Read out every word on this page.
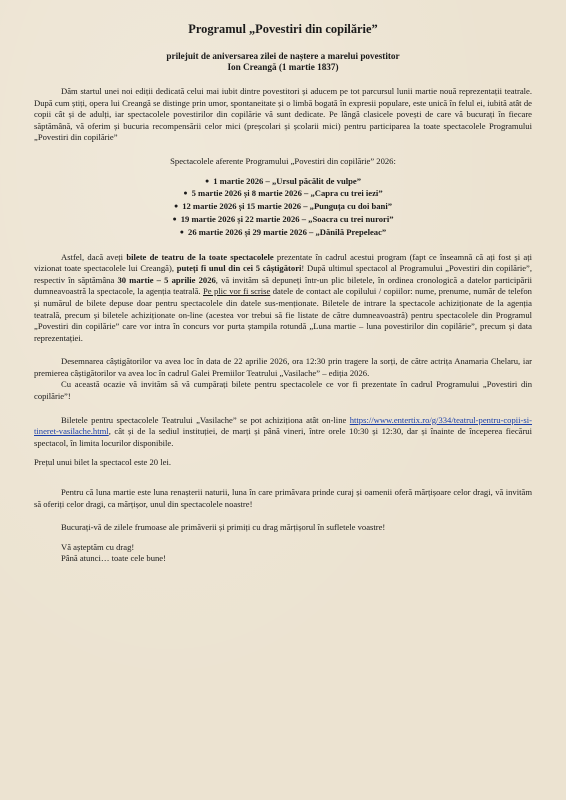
Programul „Povestiri din copilărie”
prilejuit de aniversarea zilei de naștere a marelui povestitor
Ion Creangă (1 martie 1837)

Dăm startul unei noi ediții dedicată celui mai iubit dintre povestitori și aducem pe tot parcursul lunii martie nouă reprezentații teatrale. După cum știți, opera lui Creangă se distinge prin umor, spontaneitate și o limbă bogată în expresii populare, este unică în felul ei, iubită atât de copii cât și de adulți, iar spectacolele povestirilor din copilărie vă sunt dedicate. Pe lângă clasicele povești de care vă bucurați în fiecare săptămână, vă oferim și bucuria recompensării celor mici (preșcolari și școlarii mici) pentru participarea la toate spectacolele Programului „Povestiri din copilărie”

Spectacolele aferente Programului „Povestiri din copilărie” 2026:

● 1 martie 2026 – „Ursul păcălit de vulpe”
● 5 martie 2026 și 8 martie 2026 – „Capra cu trei iezi”
● 12 martie 2026 și 15 martie 2026 – „Punguța cu doi bani”
● 19 martie 2026 și 22 martie 2026 – „Soacra cu trei nurori”
● 26 martie 2026 și 29 martie 2026 – „Dănilă Prepeleac”

Astfel, dacă aveți bilete de teatru de la toate spectacolele prezentate în cadrul acestui program (fapt ce înseamnă că ați fost și ați vizionat toate spectacolele lui Creangă), puteți fi unul din cei 5 câștigători! După ultimul spectacol al Programului „Povestiri din copilărie”, respectiv în săptămâna 30 martie – 5 aprilie 2026, vă invităm să depuneți într-un plic biletele, în ordinea cronologică a datelor participării dumneavoastră la spectacole, la agenția teatrală. Pe plic vor fi scrise datele de contact ale copilului / copiilor: nume, prenume, număr de telefon și numărul de bilete depuse doar pentru spectacolele din datele sus-menționate. Biletele de intrare la spectacole achiziționate de la agenția teatrală, precum și biletele achiziționate on-line (acestea vor trebui să fie listate de către dumneavoastră) pentru spectacolele din Programul „Povestiri din copilărie” care vor intra în concurs vor purta ștampila rotundă „Luna martie – luna povestirilor din copilărie”, precum și data reprezentației.

Desemnarea câștigătorilor va avea loc în data de 22 aprilie 2026, ora 12:30 prin tragere la sorți, de către actrița Anamaria Chelaru, iar premierea câștigătorilor va avea loc în cadrul Galei Premiilor Teatrului „Vasilache” – ediția 2026.

Cu această ocazie vă invităm să vă cumpărați bilete pentru spectacolele ce vor fi prezentate în cadrul Programului „Povestiri din copilărie”!

Biletele pentru spectacolele Teatrului „Vasilache” se pot achiziționa atât on-line https://www.entertix.ro/g/334/teatrul-pentru-copii-si-tineret-vasilache.html, cât și de la sediul instituției, de marți și până vineri, între orele 10:30 și 12:30, dar și înainte de începerea fiecărui spectacol, în limita locurilor disponibile.

Prețul unui bilet la spectacol este 20 lei.

Pentru că luna martie este luna renașterii naturii, luna în care primăvara prinde curaj și oamenii oferă mărțișoare celor dragi, vă invităm să oferiți celor dragi, ca mărțișor, unul din spectacolele noastre!

Bucurați-vă de zilele frumoase ale primăverii și primiți cu drag mărțișorul în sufletele voastre!

Vă așteptăm cu drag!

Până atunci… toate cele bune!
